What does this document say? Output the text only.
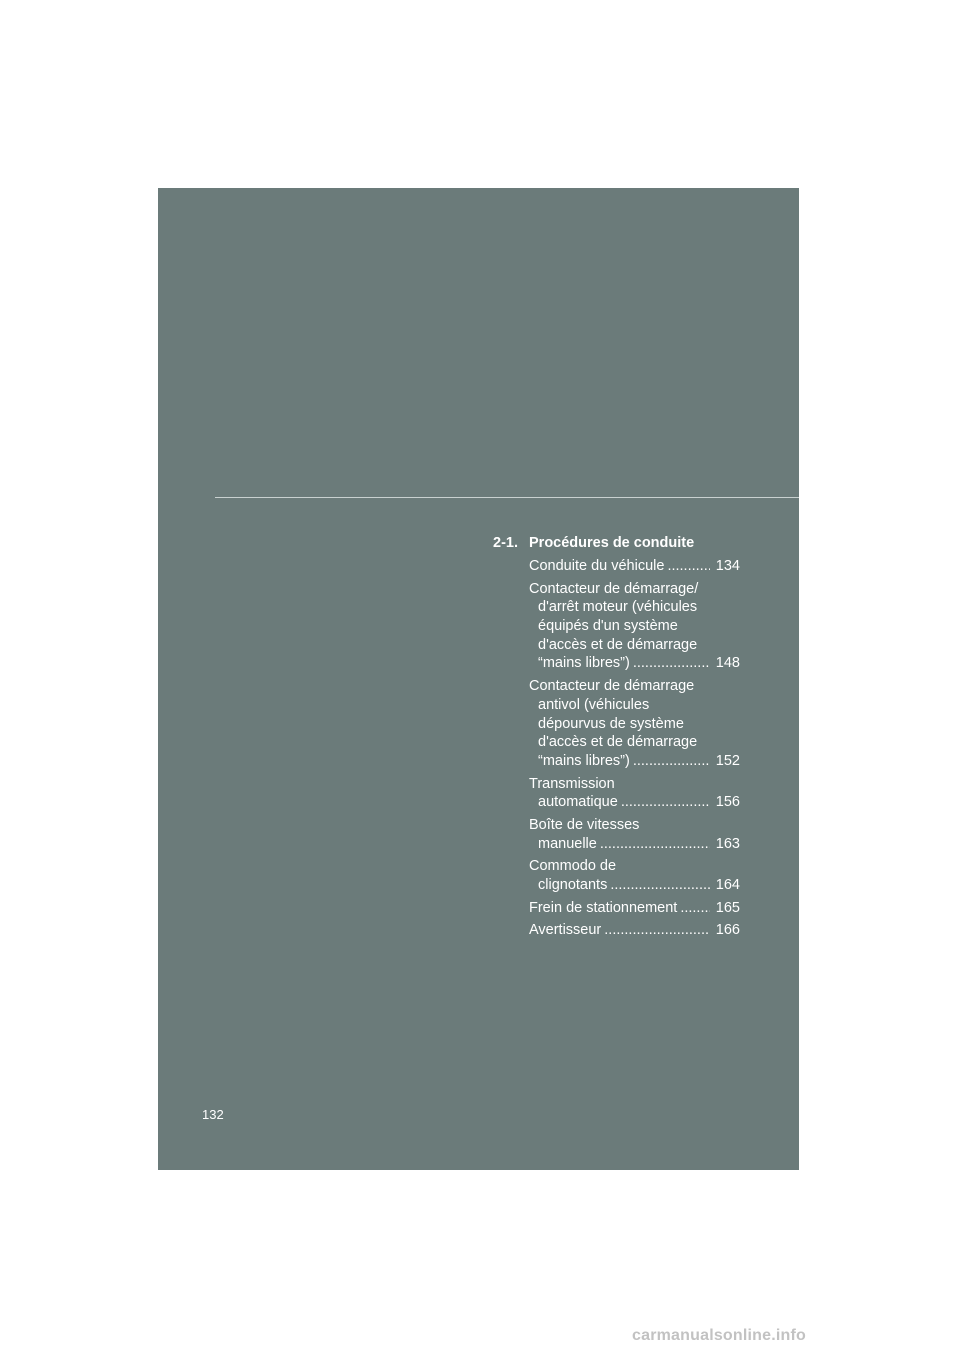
2-1. Procédures de conduite
Conduite du véhicule .....	134
Contacteur de démarrage/
d'arrêt moteur (véhicules
équipés d'un système
d'accès et de démarrage
“mains libres”) .....	148
Contacteur de démarrage
antivol (véhicules
dépourvus de système
d'accès et de démarrage
“mains libres”) .....	152
Transmission
automatique .....	156
Boîte de vitesses
manuelle .....	163
Commodo de
clignotants .....	164
Frein de stationnement .....	165
Avertisseur .....	166
132
carmanualsonline.info
